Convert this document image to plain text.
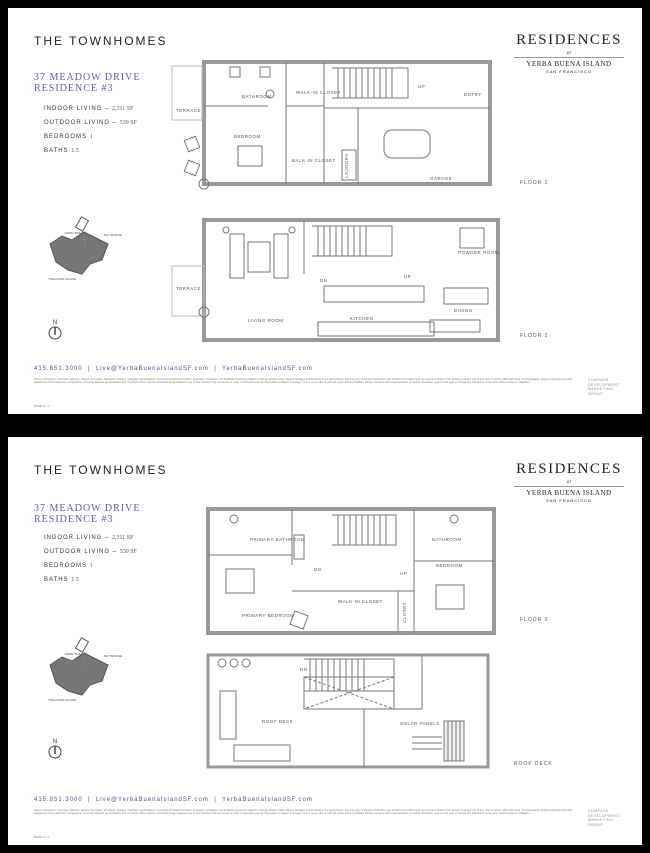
THE TOWNHOMES	RESIDENCES
AT
YERBA BUENA ISLAND
SAN FRANCISCO
37 MEADOW DRIVE
RESIDENCE #3
INDOOR LIVING – 2,311 SF
OUTDOOR LIVING – 539 SF
BEDROOMS 1
BATHS 1.5
BATHROOM
WALK-IN CLOSET
UP
ENTRY
TERRACE
BEDROOM
BALK-IN CLOSET LAUNDRY
GARAGE
FLOOR 1
POWDER ROOM
TERRACE
DN
UP
DINING
LIVING ROOM	KITCHEN
FLOOR 2
YERBA BUENA	BAY BRIDGE
TREASURE ISLAND
N
415.851.3000 | Live@YerbaBuenaIslandSF.com | YerbaBuenaIslandSF.com
Prices, promotions, incentives, features, options, floor plans, elevations, designs, materials, specifications, community development plans, amenities, schedules, and available homes are subject to change without notice. Square footages and dimensions are approximate, and may vary in actual construction, and should not be relied upon as a representation of the actual or precise size of any room or space within the home. All photographs, artists renderings and other depictions of the residences, components, and other features are illustrative only. Furniture, decor, fixtures, and other design features may not be included. The community is under construction and the information is subject to change. This is not an offer to sell real estate where prohibited. Please consult a sales representative for details. Developer reserves the right to change any information at any time without notice or obligation.
PAGE 3 / 4
COMPASS DEVELOPMENT MARKETING GROUP
THE TOWNHOMES	RESIDENCES
AT
YERBA BUENA ISLAND
SAN FRANCISCO
37 MEADOW DRIVE
RESIDENCE #3
INDOOR LIVING – 2,311 SF
OUTDOOR LIVING – 539 SF
BEDROOMS 1
BATHS 1.5
PRIMARY BATHROOM	BATHROOM
DN
UP
BEDROOM
PRIMARY BEDROOM
WALK-IN CLOSET
CLOSET	FLOOR 3
DN
ROOF DECK	SOLAR PANELS
ROOF DECK
YERBA BUENA	BAY BRIDGE
TREASURE ISLAND
N
415.851.3000 | Live@YerbaBuenaIslandSF.com | YerbaBuenaIslandSF.com
Prices, promotions, incentives, features, options, floor plans, elevations, designs, materials, specifications, community development plans, amenities, schedules, and available homes are subject to change without notice. Square footages and dimensions are approximate, and may vary in actual construction, and should not be relied upon as a representation of the actual or precise size of any room or space within the home. All photographs, artists renderings and other depictions of the residences, components, and other features are illustrative only. Furniture, decor, fixtures, and other design features may not be included. The community is under construction and the information is subject to change. This is not an offer to sell real estate where prohibited. Please consult a sales representative for details. Developer reserves the right to change any information at any time without notice or obligation.
PAGE 4 / 4
COMPASS DEVELOPMENT MARKETING GROUP
